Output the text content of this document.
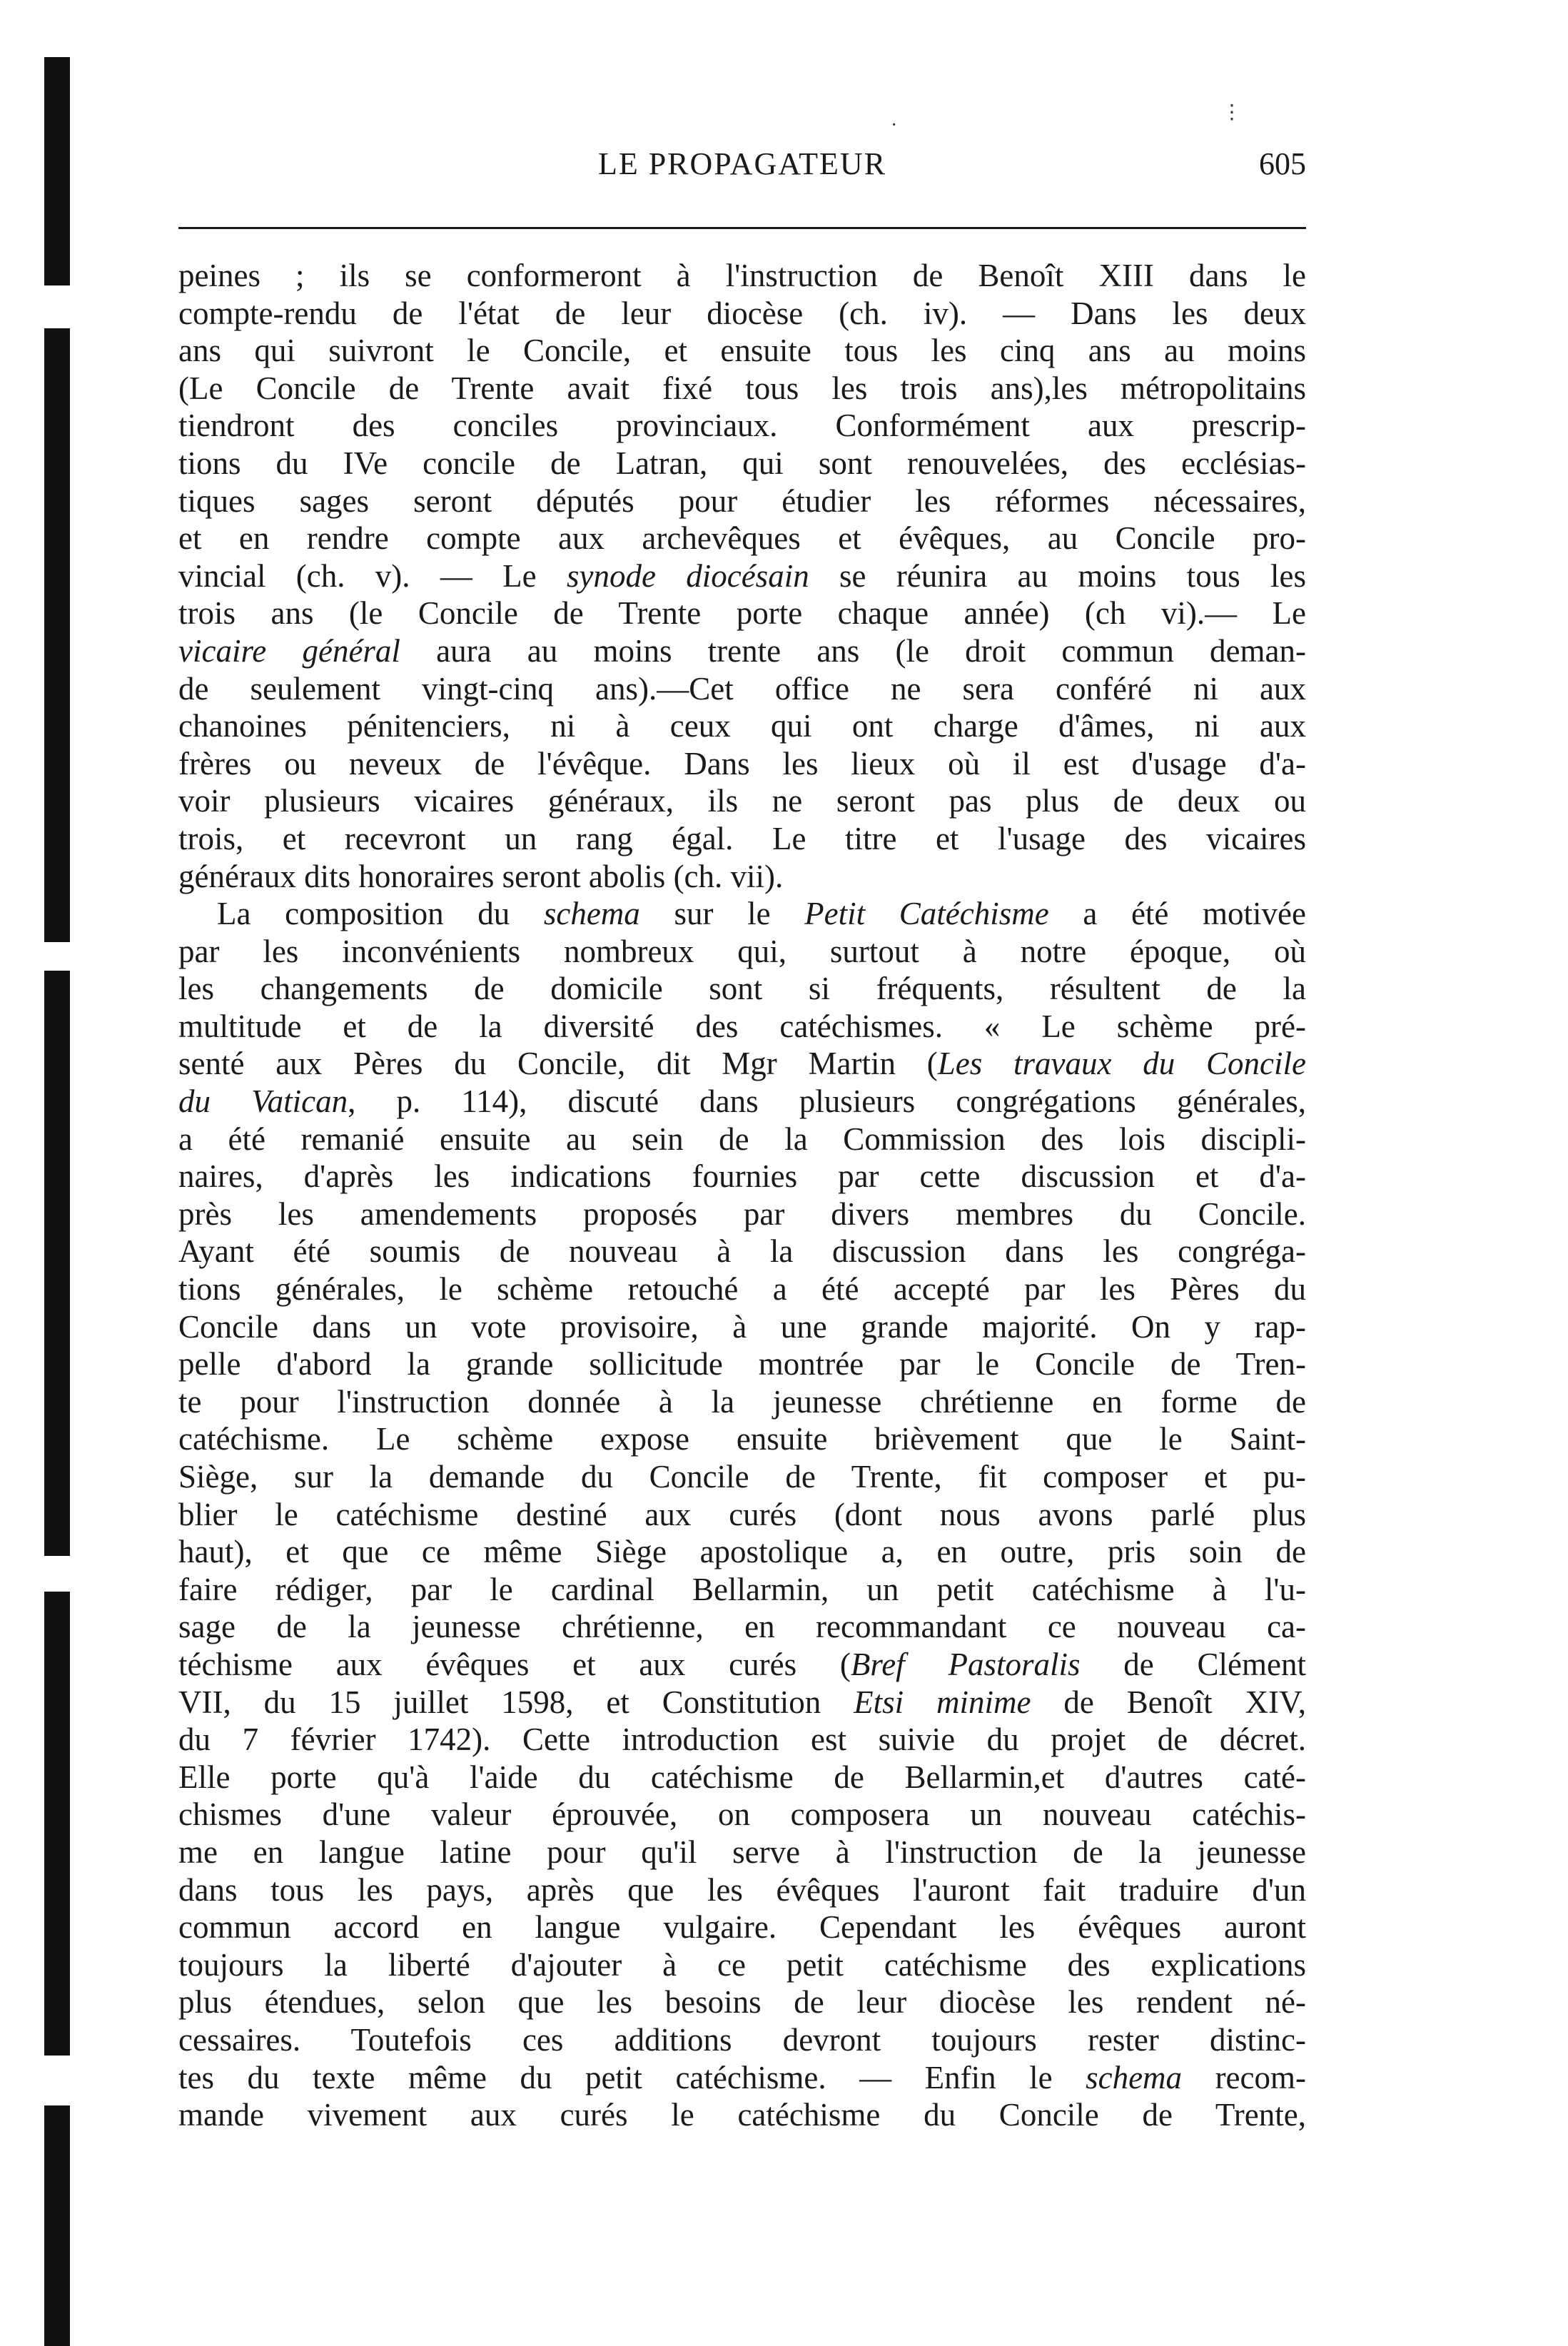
·
⋮
LE PROPAGATEUR	605
peines ; ils se conformeront à l'instruction de Benoît XIII dans le
compte-rendu de l'état de leur diocèse (ch. iv). — Dans les deux
ans qui suivront le Concile, et ensuite tous les cinq ans au moins
(Le Concile de Trente avait fixé tous les trois ans),les métropolitains
tiendront des conciles provinciaux. Conformément aux prescrip-
tions du IVe concile de Latran, qui sont renouvelées, des ecclésias-
tiques sages seront députés pour étudier les réformes nécessaires,
et en rendre compte aux archevêques et évêques, au Concile pro-
vincial (ch. v). — Le synode diocésain se réunira au moins tous les
trois ans (le Concile de Trente porte chaque année) (ch vi).— Le
vicaire général aura au moins trente ans (le droit commun deman-
de seulement vingt-cinq ans).—Cet office ne sera conféré ni aux
chanoines pénitenciers, ni à ceux qui ont charge d'âmes, ni aux
frères ou neveux de l'évêque. Dans les lieux où il est d'usage d'a-
voir plusieurs vicaires généraux, ils ne seront pas plus de deux ou
trois, et recevront un rang égal. Le titre et l'usage des vicaires
généraux dits honoraires seront abolis (ch. vii).
La composition du schema sur le Petit Catéchisme a été motivée
par les inconvénients nombreux qui, surtout à notre époque, où
les changements de domicile sont si fréquents, résultent de la
multitude et de la diversité des catéchismes. « Le schème pré-
senté aux Pères du Concile, dit Mgr Martin (Les travaux du Concile
du Vatican, p. 114), discuté dans plusieurs congrégations générales,
a été remanié ensuite au sein de la Commission des lois discipli-
naires, d'après les indications fournies par cette discussion et d'a-
près les amendements proposés par divers membres du Concile.
Ayant été soumis de nouveau à la discussion dans les congréga-
tions générales, le schème retouché a été accepté par les Pères du
Concile dans un vote provisoire, à une grande majorité. On y rap-
pelle d'abord la grande sollicitude montrée par le Concile de Tren-
te pour l'instruction donnée à la jeunesse chrétienne en forme de
catéchisme. Le schème expose ensuite brièvement que le Saint-
Siège, sur la demande du Concile de Trente, fit composer et pu-
blier le catéchisme destiné aux curés (dont nous avons parlé plus
haut), et que ce même Siège apostolique a, en outre, pris soin de
faire rédiger, par le cardinal Bellarmin, un petit catéchisme à l'u-
sage de la jeunesse chrétienne, en recommandant ce nouveau ca-
téchisme aux évêques et aux curés (Bref Pastoralis de Clément
VII, du 15 juillet 1598, et Constitution Etsi minime de Benoît XIV,
du 7 février 1742). Cette introduction est suivie du projet de décret.
Elle porte qu'à l'aide du catéchisme de Bellarmin,et d'autres caté-
chismes d'une valeur éprouvée, on composera un nouveau catéchis-
me en langue latine pour qu'il serve à l'instruction de la jeunesse
dans tous les pays, après que les évêques l'auront fait traduire d'un
commun accord en langue vulgaire. Cependant les évêques auront
toujours la liberté d'ajouter à ce petit catéchisme des explications
plus étendues, selon que les besoins de leur diocèse les rendent né-
cessaires. Toutefois ces additions devront toujours rester distinc-
tes du texte même du petit catéchisme. — Enfin le schema recom-
mande vivement aux curés le catéchisme du Concile de Trente,
